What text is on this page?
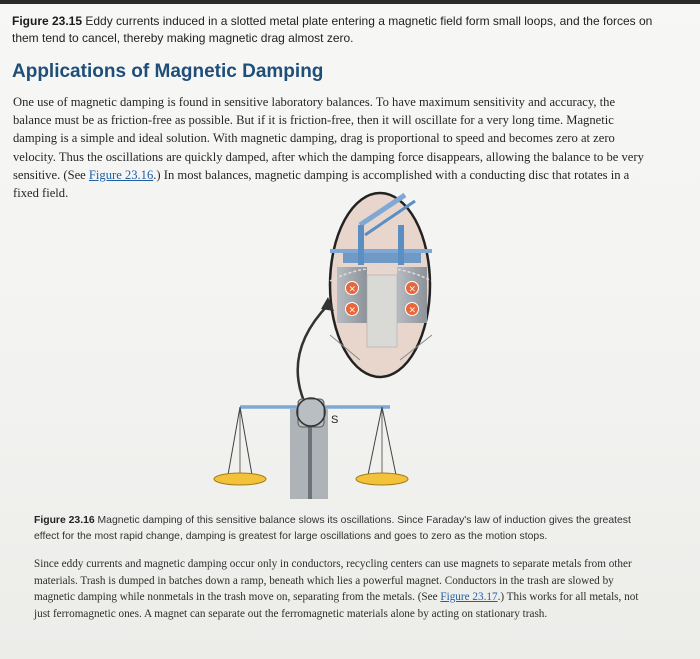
Figure 23.15 Eddy currents induced in a slotted metal plate entering a magnetic field form small loops, and the forces on them tend to cancel, thereby making magnetic drag almost zero.
Applications of Magnetic Damping
One use of magnetic damping is found in sensitive laboratory balances. To have maximum sensitivity and accuracy, the balance must be as friction-free as possible. But if it is friction-free, then it will oscillate for a very long time. Magnetic damping is a simple and ideal solution. With magnetic damping, drag is proportional to speed and becomes zero at zero velocity. Thus the oscillations are quickly damped, after which the damping force disappears, allowing the balance to be very sensitive. (See Figure 23.16.) In most balances, magnetic damping is accomplished with a conducting disc that rotates in a fixed field.
×
×
×
×
S
Figure 23.16 Magnetic damping of this sensitive balance slows its oscillations. Since Faraday's law of induction gives the greatest effect for the most rapid change, damping is greatest for large oscillations and goes to zero as the motion stops.
Since eddy currents and magnetic damping occur only in conductors, recycling centers can use magnets to separate metals from other materials. Trash is dumped in batches down a ramp, beneath which lies a powerful magnet. Conductors in the trash are slowed by magnetic damping while nonmetals in the trash move on, separating from the metals. (See Figure 23.17.) This works for all metals, not just ferromagnetic ones. A magnet can separate out the ferromagnetic materials alone by acting on stationary trash.
